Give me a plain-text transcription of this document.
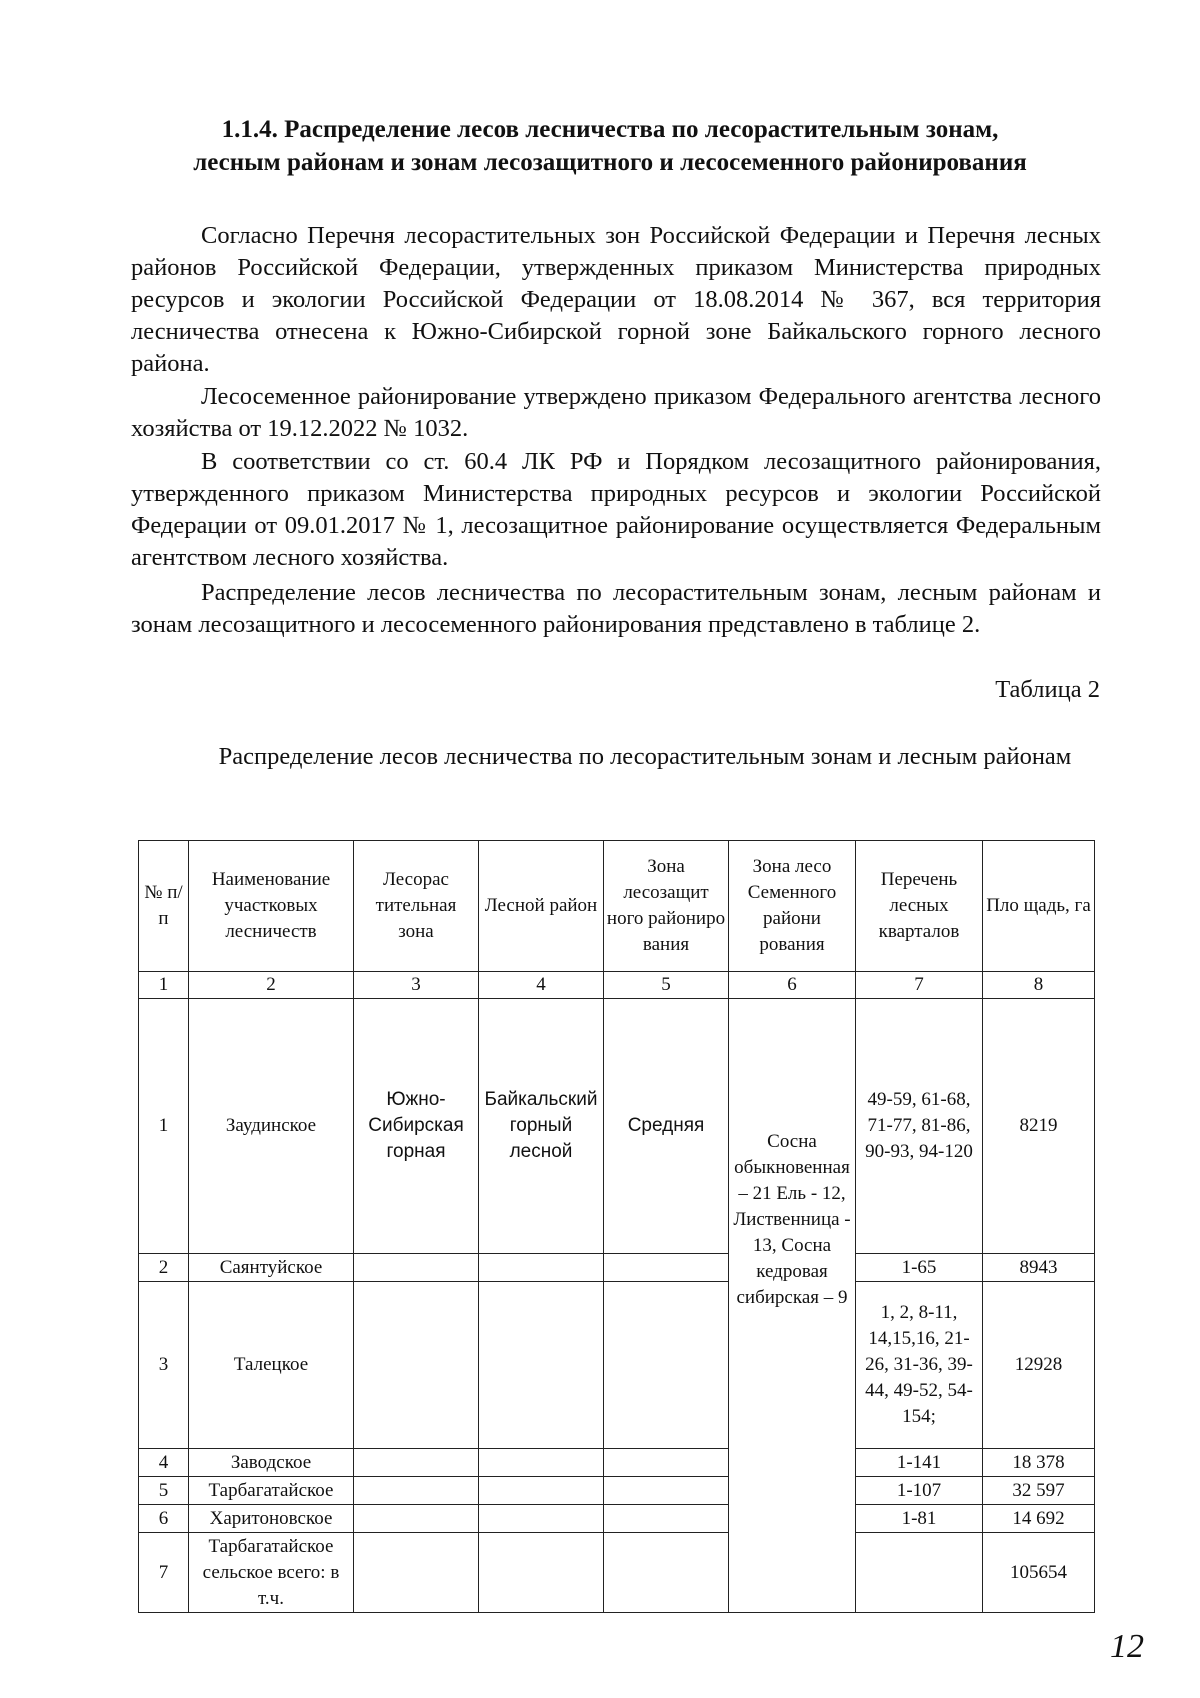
1.1.4. Распределение лесов лесничества по лесорастительным зонам,
лесным районам и зонам лесозащитного и лесосеменного районирования

Согласно Перечня лесорастительных зон Российской Федерации и Перечня лесных районов Российской Федерации, утвержденных приказом Министерства природных ресурсов и экологии Российской Федерации от 18.08.2014 № 367, вся территория лесничества отнесена к Южно-Сибирской горной зоне Байкальского горного лесного района.

Лесосеменное районирование утверждено приказом Федерального агентства лесного хозяйства от 19.12.2022 № 1032.

В соответствии со ст. 60.4 ЛК РФ и Порядком лесозащитного районирования, утвержденного приказом Министерства природных ресурсов и экологии Российской Федерации от 09.01.2017 № 1, лесозащитное районирование осуществляется Федеральным агентством лесного хозяйства.

Распределение лесов лесничества по лесорастительным зонам, лесным районам и зонам лесозащитного и лесосеменного районирования представлено в таблице 2.

Таблица 2
Распределение лесов лесничества по лесорастительным зонам и лесным районам
№ п/п	Наименование участковых лесничеств	Лесорас тительная зона	Лесной район	Зона лесозащит ного райониро вания	Зона лесо Семенного райони рования	Перечень лесных кварталов	Пло щадь, га
1	2	3	4	5	6	7	8
1	Заудинское	Южно-Сибирская горная	Байкальский горный лесной	Средняя	Сосна обыкновенная – 21 Ель - 12, Лиственница - 13, Сосна кедровая сибирская – 9	49-59, 61-68, 71-77, 81-86, 90-93, 94-120	8219
2	Саянтуйское					1-65	8943
3	Талецкое					1, 2, 8-11, 14,15,16, 21-26, 31-36, 39-44, 49-52, 54-154;	12928
4	Заводское					1-141	18 378
5	Тарбагатайское					1-107	32 597
6	Харитоновское					1-81	14 692
7	Тарбагатайское сельское всего: в т.ч.						105654
12
